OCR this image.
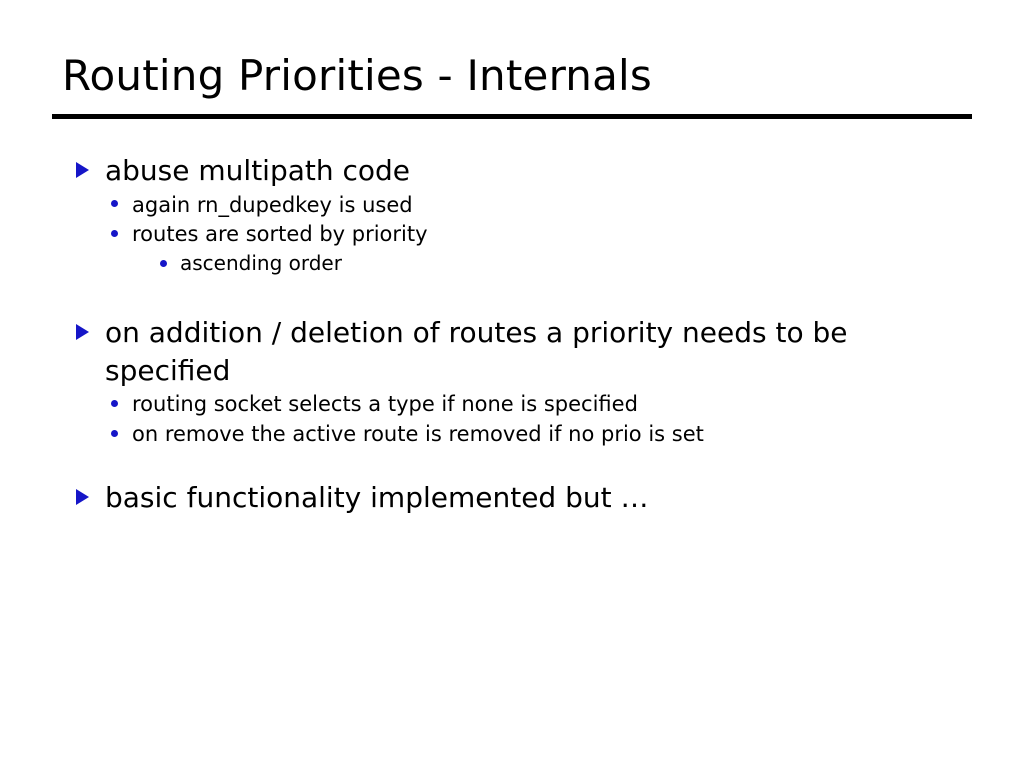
Routing Priorities - Internals
abuse multipath code
again rn_dupedkey is used
routes are sorted by priority
ascending order
on addition / deletion of routes a priority needs to be specified
routing socket selects a type if none is specified
on remove the active route is removed if no prio is set
basic functionality implemented but …
